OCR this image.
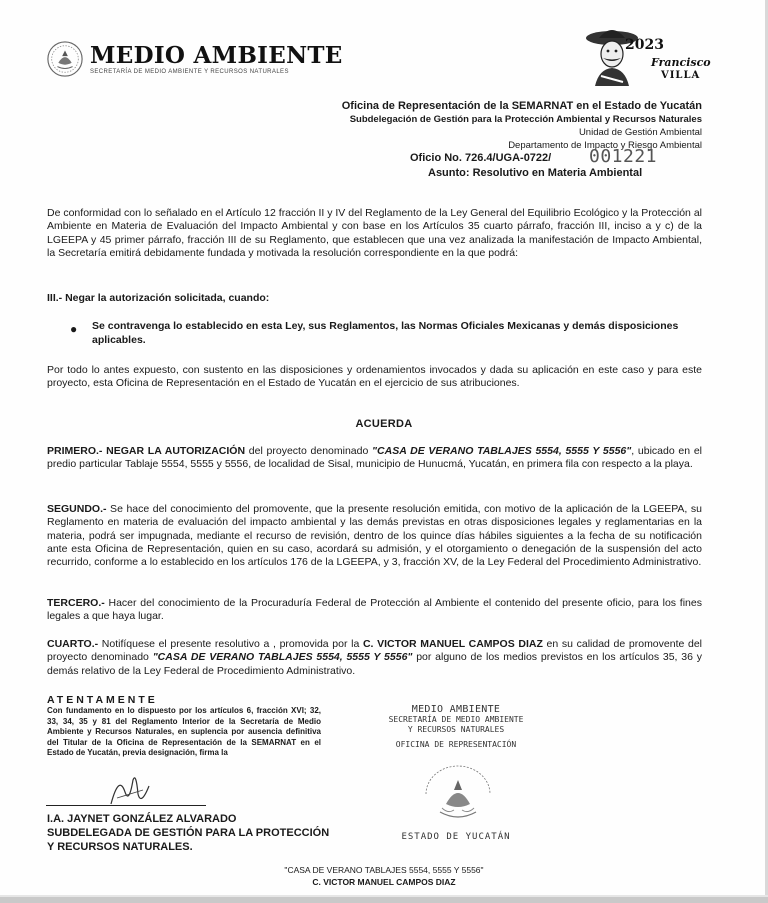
MEDIO AMBIENTE
SECRETARÍA DE MEDIO AMBIENTE Y RECURSOS NATURALES
2023
Francisco
VILLA
Oficina de Representación de la SEMARNAT en el Estado de Yucatán
Subdelegación de Gestión para la Protección Ambiental y Recursos Naturales
Unidad de Gestión Ambiental
Departamento de Impacto y Riesgo Ambiental
Oficio No. 726.4/UGA-0722/ 001221
Asunto: Resolutivo en Materia Ambiental
De conformidad con lo señalado en el Artículo 12 fracción II y IV del Reglamento de la Ley General del Equilibrio Ecológico y la Protección al Ambiente en Materia de Evaluación del Impacto Ambiental y con base en los Artículos 35 cuarto párrafo, fracción III, inciso a y c) de la LGEEPA y 45 primer párrafo, fracción III de su Reglamento, que establecen que una vez analizada la manifestación de Impacto Ambiental, la Secretaría emitirá debidamente fundada y motivada la resolución correspondiente en la que podrá:
III.- Negar la autorización solicitada, cuando:
● Se contravenga lo establecido en esta Ley, sus Reglamentos, las Normas Oficiales Mexicanas y demás disposiciones aplicables.
Por todo lo antes expuesto, con sustento en las disposiciones y ordenamientos invocados y dada su aplicación en este caso y para este proyecto, esta Oficina de Representación en el Estado de Yucatán en el ejercicio de sus atribuciones.
ACUERDA
PRIMERO.- NEGAR LA AUTORIZACIÓN del proyecto denominado "CASA DE VERANO TABLAJES 5554, 5555 Y 5556", ubicado en el predio particular Tablaje 5554, 5555 y 5556, de localidad de Sisal, municipio de Hunucmá, Yucatán, en primera fila con respecto a la playa.
SEGUNDO.- Se hace del conocimiento del promovente, que la presente resolución emitida, con motivo de la aplicación de la LGEEPA, su Reglamento en materia de evaluación del impacto ambiental y las demás previstas en otras disposiciones legales y reglamentarias en la materia, podrá ser impugnada, mediante el recurso de revisión, dentro de los quince días hábiles siguientes a la fecha de su notificación ante esta Oficina de Representación, quien en su caso, acordará su admisión, y el otorgamiento o denegación de la suspensión del acto recurrido, conforme a lo establecido en los artículos 176 de la LGEEPA, y 3, fracción XV, de la Ley Federal del Procedimiento Administrativo.
TERCERO.- Hacer del conocimiento de la Procuraduría Federal de Protección al Ambiente el contenido del presente oficio, para los fines legales a que haya lugar.
CUARTO.- Notifíquese el presente resolutivo a , promovida por la C. VICTOR MANUEL CAMPOS DIAZ en su calidad de promovente del proyecto denominado "CASA DE VERANO TABLAJES 5554, 5555 Y 5556" por alguno de los medios previstos en los artículos 35, 36 y demás relativo de la Ley Federal de Procedimiento Administrativo.
ATENTAMENTE
Con fundamento en lo dispuesto por los artículos 6, fracción XVI; 32, 33, 34, 35 y 81 del Reglamento Interior de la Secretaría de Medio Ambiente y Recursos Naturales, en suplencia por ausencia definitiva del Titular de la Oficina de Representación de la SEMARNAT en el Estado de Yucatán, previa designación, firma la
I.A. JAYNET GONZÁLEZ ALVARADO
SUBDELEGADA DE GESTIÓN PARA LA PROTECCIÓN
Y RECURSOS NATURALES.
MEDIO AMBIENTE
SECRETARÍA DE MEDIO AMBIENTE
Y RECURSOS NATURALES
OFICINA DE REPRESENTACIÓN
ESTADO DE YUCATÁN
"CASA DE VERANO TABLAJES 5554, 5555 Y 5556"
C. VICTOR MANUEL CAMPOS DIAZ
